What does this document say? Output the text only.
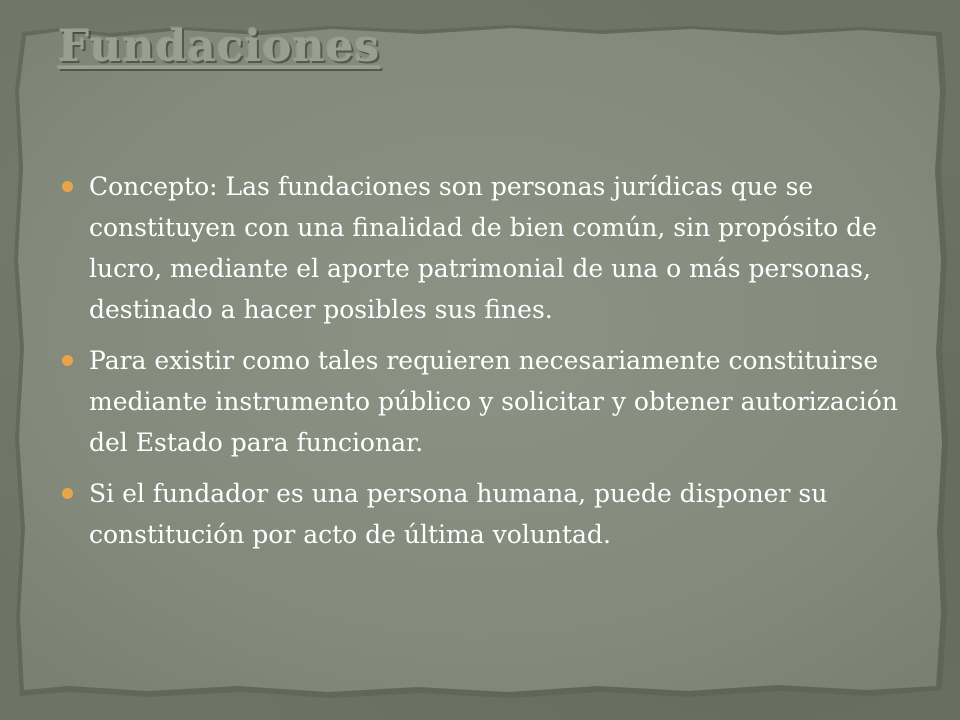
Fundaciones
Concepto: Las fundaciones son personas jurídicas que se constituyen con una finalidad de bien común, sin propósito de lucro, mediante el aporte patrimonial de una o más personas, destinado a hacer posibles sus fines.
Para existir como tales requieren necesariamente constituirse mediante instrumento público y solicitar y obtener autorización del Estado para funcionar.
Si el fundador es una persona humana, puede disponer su constitución por acto de última voluntad.
